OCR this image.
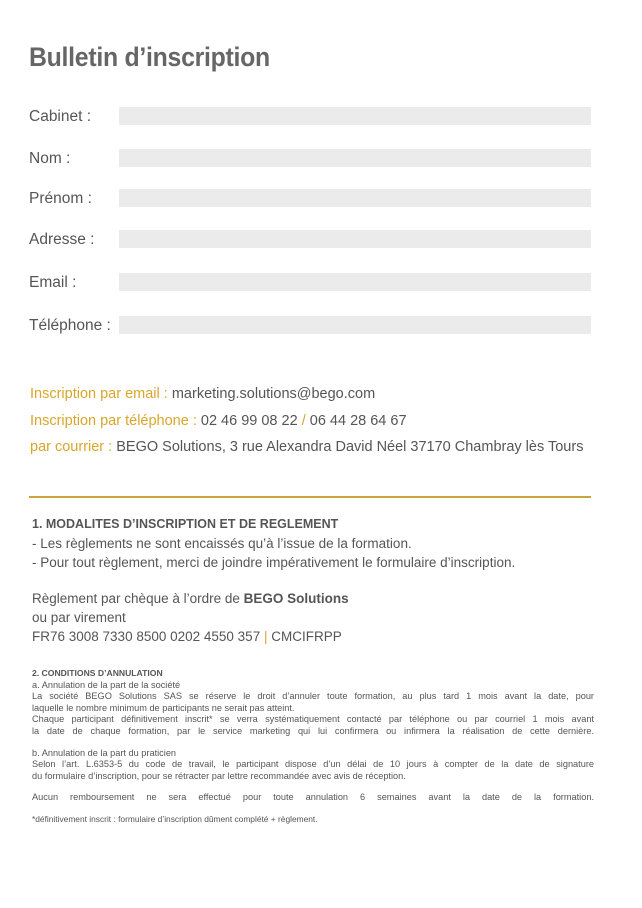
Bulletin d’inscription
Cabinet :
Nom :
Prénom :
Adresse :
Email :
Téléphone :
Inscription par email : marketing.solutions@bego.com
Inscription par téléphone : 02 46 99 08 22 / 06 44 28 64 67
par courrier : BEGO Solutions, 3 rue Alexandra David Néel 37170 Chambray lès Tours
1. MODALITES D’INSCRIPTION ET DE REGLEMENT
- Les règlements ne sont encaissés qu’à l’issue de la formation.
- Pour tout règlement, merci de joindre impérativement le formulaire d’inscription.
Règlement par chèque à l’ordre de BEGO Solutions
ou par virement
FR76 3008 7330 8500 0202 4550 357 | CMCIFRPP
2. CONDITIONS D’ANNULATION
a. Annulation de la part de la société
La société BEGO Solutions SAS se réserve le droit d’annuler toute formation, au plus tard 1 mois avant la date, pour
laquelle le nombre minimum de participants ne serait pas atteint.
Chaque participant définitivement inscrit* se verra systématiquement contacté par téléphone ou par courriel 1 mois avant
la date de chaque formation, par le service marketing qui lui confirmera ou infirmera la réalisation de cette dernière.
b. Annulation de la part du praticien
Selon l’art. L.6353-5 du code de travail, le participant dispose d’un délai de 10 jours à compter de la date de signature
du formulaire d’inscription, pour se rétracter par lettre recommandée avec avis de réception.
Aucun remboursement ne sera effectué pour toute annulation 6 semaines avant la date de la formation.
*définitivement inscrit : formulaire d’inscription dûment complété + règlement.
